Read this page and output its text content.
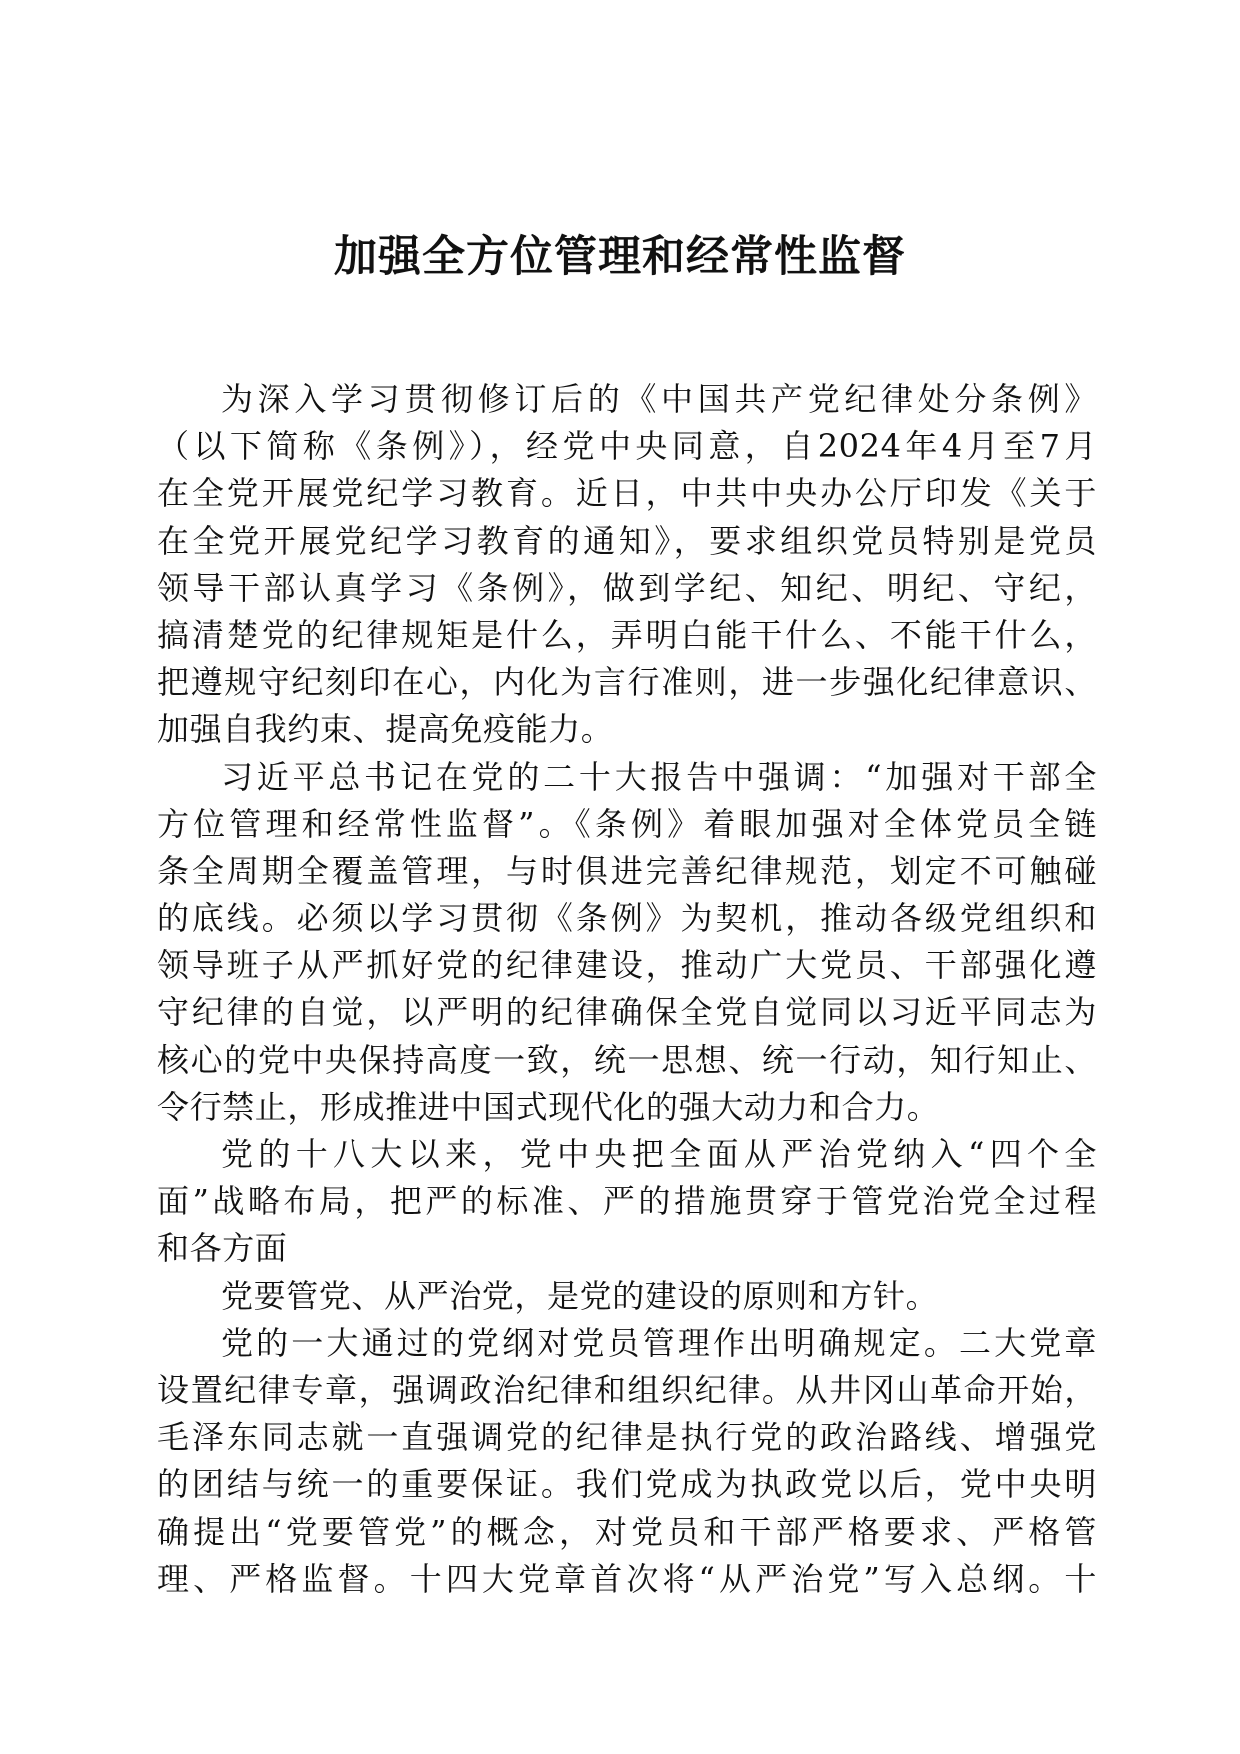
加强全方位管理和经常性监督

为深入学习贯彻修订后的《中国共产党纪律处分条例》
（以下简称《条例》），经党中央同意，自2024年4月至7月
在全党开展党纪学习教育。近日，中共中央办公厅印发《关于
在全党开展党纪学习教育的通知》，要求组织党员特别是党员
领导干部认真学习《条例》，做到学纪、知纪、明纪、守纪，
搞清楚党的纪律规矩是什么，弄明白能干什么、不能干什么，
把遵规守纪刻印在心，内化为言行准则，进一步强化纪律意识、
加强自我约束、提高免疫能力。

习近平总书记在党的二十大报告中强调：“加强对干部全
方位管理和经常性监督”。《条例》着眼加强对全体党员全链
条全周期全覆盖管理，与时俱进完善纪律规范，划定不可触碰
的底线。必须以学习贯彻《条例》为契机，推动各级党组织和
领导班子从严抓好党的纪律建设，推动广大党员、干部强化遵
守纪律的自觉，以严明的纪律确保全党自觉同以习近平同志为
核心的党中央保持高度一致，统一思想、统一行动，知行知止、
令行禁止，形成推进中国式现代化的强大动力和合力。

党的十八大以来，党中央把全面从严治党纳入“四个全
面”战略布局，把严的标准、严的措施贯穿于管党治党全过程
和各方面

党要管党、从严治党，是党的建设的原则和方针。

党的一大通过的党纲对党员管理作出明确规定。二大党章
设置纪律专章，强调政治纪律和组织纪律。从井冈山革命开始，
毛泽东同志就一直强调党的纪律是执行党的政治路线、增强党
的团结与统一的重要保证。我们党成为执政党以后，党中央明
确提出“党要管党”的概念，对党员和干部严格要求、严格管
理、严格监督。十四大党章首次将“从严治党”写入总纲。十
